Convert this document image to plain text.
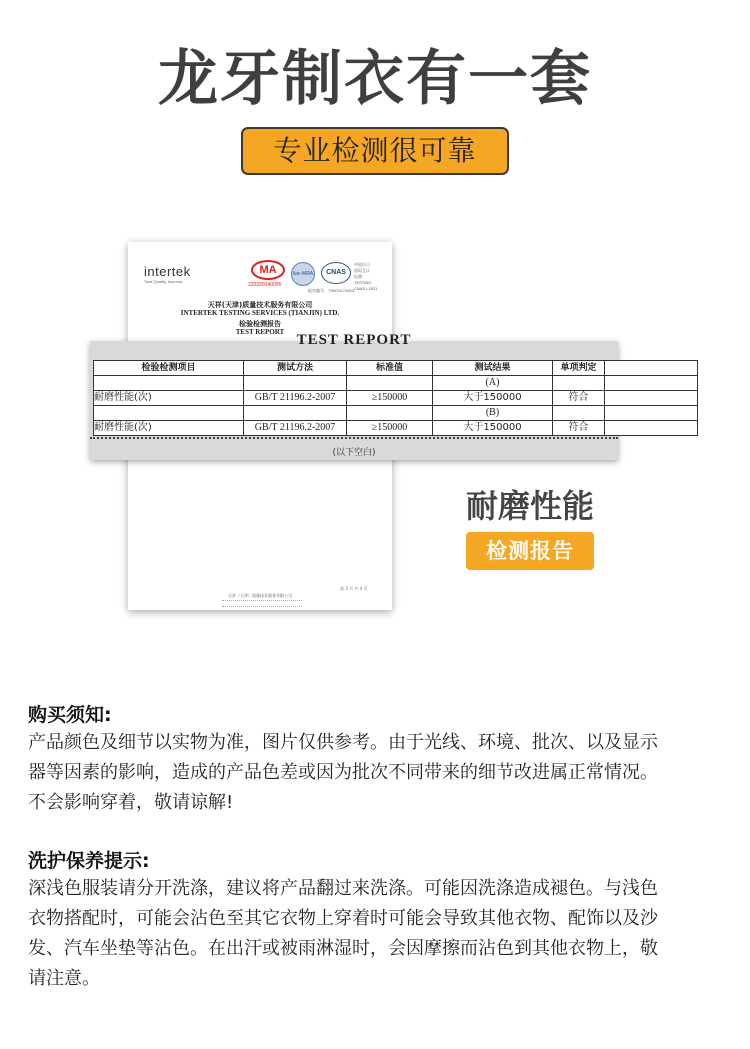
龙牙制衣有一套
专业检测很可靠
intertek
Total Quality. Assured.
MA
220220340095
ilac-MRA	CNAS
中国认可
国际互认
检测
TESTING
CNAS L1921
报告编号：TSN70170453
天祥(天津)质量技术服务有限公司
INTERTEK TESTING SERVICES (TIANJIN) LTD.
检验检测报告
TEST REPORT
第 3 页 共 4 页
天祥（天津）质量技术服务有限公司
TEST REPORT
检验检测项目	测试方法	标准值	测试结果	单项判定	
			(A)		
耐磨性能(次)	GB/T 21196.2-2007	≥150000	大于150000	符合	
			(B)		
耐磨性能(次)	GB/T 21196.2-2007	≥150000	大于150000	符合	
(以下空白)
耐磨性能
检测报告
购买须知:
产品颜色及细节以实物为准，图片仅供参考。由于光线、环境、批次、以及显示
器等因素的影响，造成的产品色差或因为批次不同带来的细节改进属正常情况。
不会影响穿着，敬请谅解!
洗护保养提示:
深浅色服装请分开洗涤，建议将产品翻过来洗涤。可能因洗涤造成褪色。与浅色
衣物搭配时，可能会沾色至其它衣物上穿着时可能会导致其他衣物、配饰以及沙
发、汽车坐垫等沾色。在出汗或被雨淋湿时，会因摩擦而沾色到其他衣物上，敬
请注意。
